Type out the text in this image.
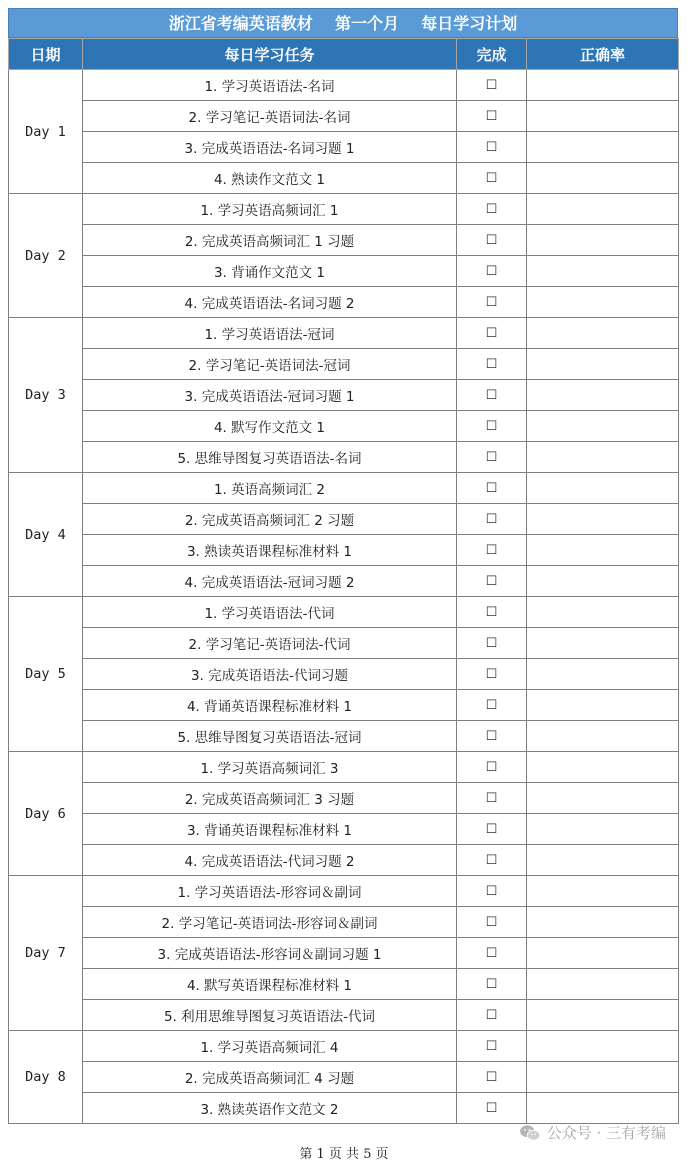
浙江省考编英语教材    第一个月    每日学习计划
日期	每日学习任务	完成	正确率
Day 1	1. 学习英语语法-名词	☐	
	2. 学习笔记-英语词法-名词	☐	
	3. 完成英语语法-名词习题 1	☐	
	4. 熟读作文范文 1	☐	
Day 2	1. 学习英语高频词汇 1	☐	
	2. 完成英语高频词汇 1 习题	☐	
	3. 背诵作文范文 1	☐	
	4. 完成英语语法-名词习题 2	☐	
Day 3	1. 学习英语语法-冠词	☐	
	2. 学习笔记-英语词法-冠词	☐	
	3. 完成英语语法-冠词习题 1	☐	
	4. 默写作文范文 1	☐	
	5. 思维导图复习英语语法-名词	☐	
Day 4	1. 英语高频词汇 2	☐	
	2. 完成英语高频词汇 2 习题	☐	
	3. 熟读英语课程标准材料 1	☐	
	4. 完成英语语法-冠词习题 2	☐	
Day 5	1. 学习英语语法-代词	☐	
	2. 学习笔记-英语词法-代词	☐	
	3. 完成英语语法-代词习题	☐	
	4. 背诵英语课程标准材料 1	☐	
	5. 思维导图复习英语语法-冠词	☐	
Day 6	1. 学习英语高频词汇 3	☐	
	2. 完成英语高频词汇 3 习题	☐	
	3. 背诵英语课程标准材料 1	☐	
	4. 完成英语语法-代词习题 2	☐	
Day 7	1. 学习英语语法-形容词＆副词	☐	
	2. 学习笔记-英语词法-形容词＆副词	☐	
	3. 完成英语语法-形容词＆副词习题 1	☐	
	4. 默写英语课程标准材料 1	☐	
	5. 利用思维导图复习英语语法-代词	☐	
Day 8	1. 学习英语高频词汇 4	☐	
	2. 完成英语高频词汇 4 习题	☐	
	3. 熟读英语作文范文 2	☐	
公众号 · 三有考编
第 1 页 共 5 页
